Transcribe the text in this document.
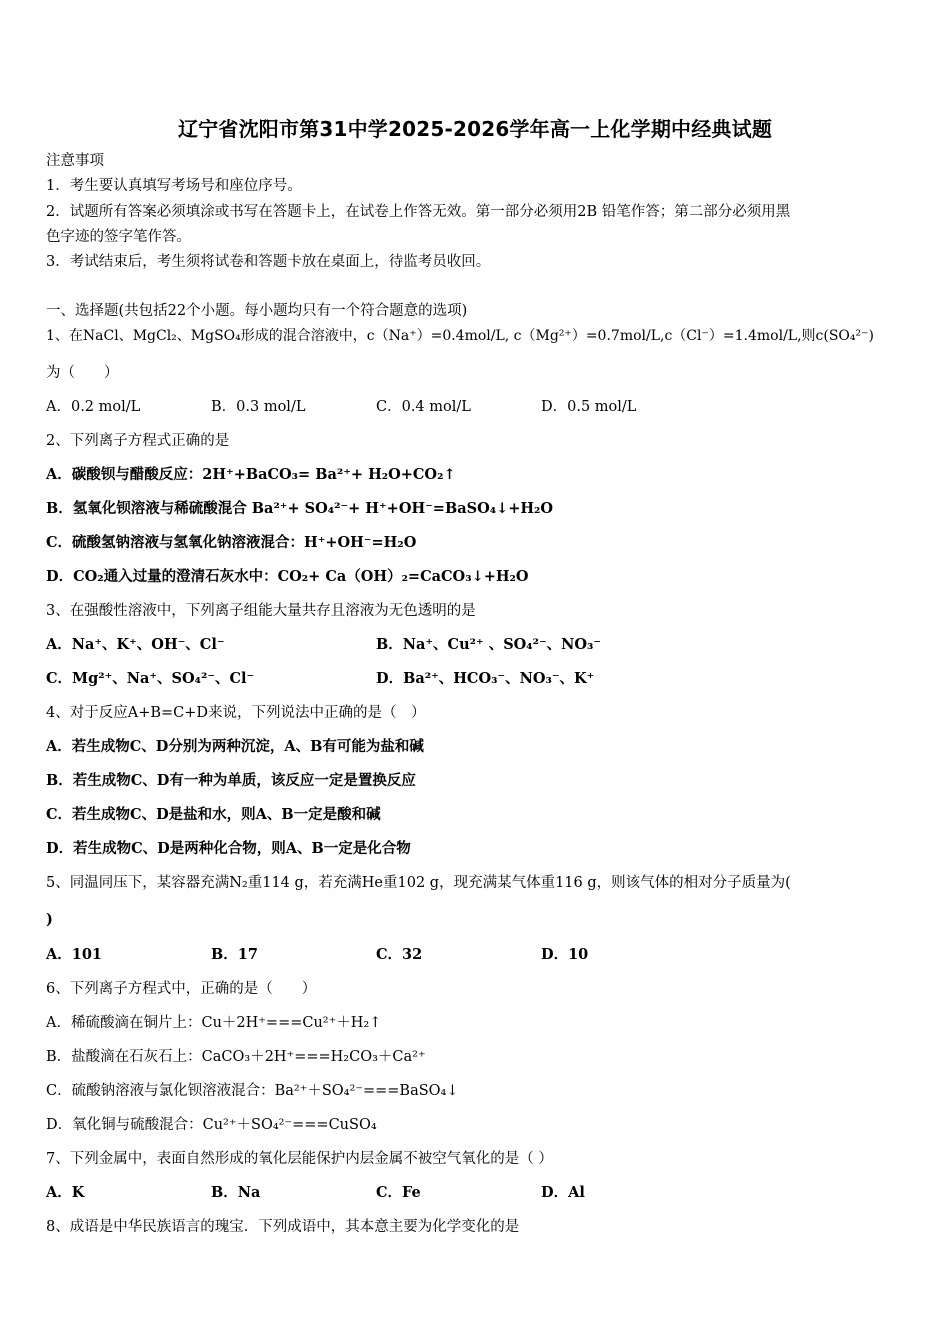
辽宁省沈阳市第31中学2025-2026学年高一上化学期中经典试题
注意事项
1．考生要认真填写考场号和座位序号。
2．试题所有答案必须填涂或书写在答题卡上，在试卷上作答无效。第一部分必须用2B 铅笔作答；第二部分必须用黑
色字迹的签字笔作答。
3．考试结束后，考生须将试卷和答题卡放在桌面上，待监考员收回。
一、选择题(共包括22个小题。每小题均只有一个符合题意的选项)
1、在NaCl、MgCl₂、MgSO₄形成的混合溶液中，c（Na⁺）=0.4mol/L, c（Mg²⁺）=0.7mol/L,c（Cl⁻）=1.4mol/L,则c(SO₄²⁻)
为（　　）
A．0.2 mol/L	B．0.3 mol/L	C．0.4 mol/L	D．0.5 mol/L
2、下列离子方程式正确的是
A．碳酸钡与醋酸反应：2H⁺+BaCO₃= Ba²⁺+ H₂O+CO₂↑
B．氢氧化钡溶液与稀硫酸混合 Ba²⁺+ SO₄²⁻+ H⁺+OH⁻=BaSO₄↓+H₂O
C．硫酸氢钠溶液与氢氧化钠溶液混合：H⁺+OH⁻=H₂O
D．CO₂通入过量的澄清石灰水中：CO₂+ Ca（OH）₂=CaCO₃↓+H₂O
3、在强酸性溶液中，下列离子组能大量共存且溶液为无色透明的是
A．Na⁺、K⁺、OH⁻、Cl⁻	B．Na⁺、Cu²⁺ 、SO₄²⁻、NO₃⁻
C．Mg²⁺、Na⁺、SO₄²⁻、Cl⁻	D．Ba²⁺、HCO₃⁻、NO₃⁻、K⁺
4、对于反应A+B=C+D来说，下列说法中正确的是（　）
A．若生成物C、D分别为两种沉淀，A、B有可能为盐和碱
B．若生成物C、D有一种为单质，该反应一定是置换反应
C．若生成物C、D是盐和水，则A、B一定是酸和碱
D．若生成物C、D是两种化合物，则A、B一定是化合物
5、同温同压下，某容器充满N₂重114 g，若充满He重102 g，现充满某气体重116 g，则该气体的相对分子质量为(
)
A．101	B．17	C．32	D．10
6、下列离子方程式中，正确的是（　　）
A．稀硫酸滴在铜片上：Cu＋2H⁺===Cu²⁺＋H₂↑
B．盐酸滴在石灰石上：CaCO₃＋2H⁺===H₂CO₃＋Ca²⁺
C．硫酸钠溶液与氯化钡溶液混合：Ba²⁺＋SO₄²⁻===BaSO₄↓
D．氧化铜与硫酸混合：Cu²⁺＋SO₄²⁻===CuSO₄
7、下列金属中，表面自然形成的氧化层能保护内层金属不被空气氧化的是（ ）
A．K	B．Na	C．Fe	D．Al
8、成语是中华民族语言的瑰宝．下列成语中，其本意主要为化学变化的是
